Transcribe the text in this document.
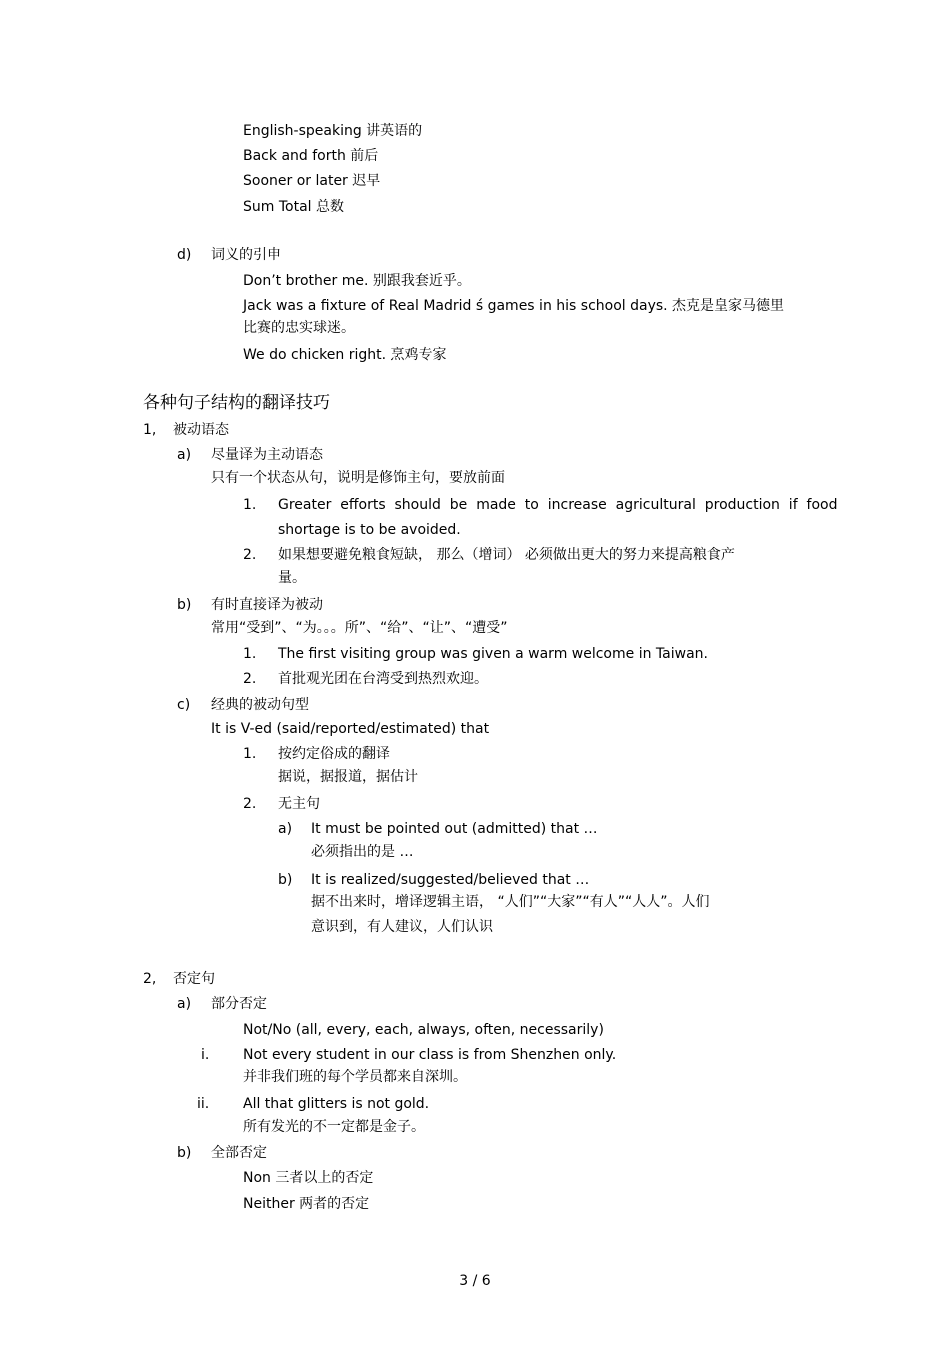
English-speaking 讲英语的
Back and forth 前后
Sooner or later 迟早
Sum Total 总数
d) 词义的引申
Don’t brother me. 别跟我套近乎。
Jack was a fixture of Real Madrid ś games in his school days. 杰克是皇家马德里
比赛的忠实球迷。
We do chicken right. 烹鸡专家
各种句子结构的翻译技巧
1, 被动语态
a) 尽量译为主动语态
只有一个状态从句，说明是修饰主句，要放前面
1. Greater  efforts  should  be  made  to  increase  agricultural  production  if  food
shortage is to be avoided.
2. 如果想要避免粮食短缺， 那么（增词） 必须做出更大的努力来提高粮食产
量。
b) 有时直接译为被动
常用“受到”、“为。。。所”、“给”、“让”、“遭受”
1. The first visiting group was given a warm welcome in Taiwan.
2. 首批观光团在台湾受到热烈欢迎。
c) 经典的被动句型
It is V-ed (said/reported/estimated) that
1. 按约定俗成的翻译
据说，据报道，据估计
2. 无主句
a) It must be pointed out (admitted) that …
必须指出的是 …
b) It is realized/suggested/believed that …
据不出来时，增译逻辑主语， “人们”“大家”“有人”“人人”。人们
意识到，有人建议，人们认识
2, 否定句
a) 部分否定
Not/No (all, every, each, always, often, necessarily)
i. Not every student in our class is from Shenzhen only.
并非我们班的每个学员都来自深圳。
ii. All that glitters is not gold.
所有发光的不一定都是金子。
b) 全部否定
Non 三者以上的否定
Neither 两者的否定
3 / 6
